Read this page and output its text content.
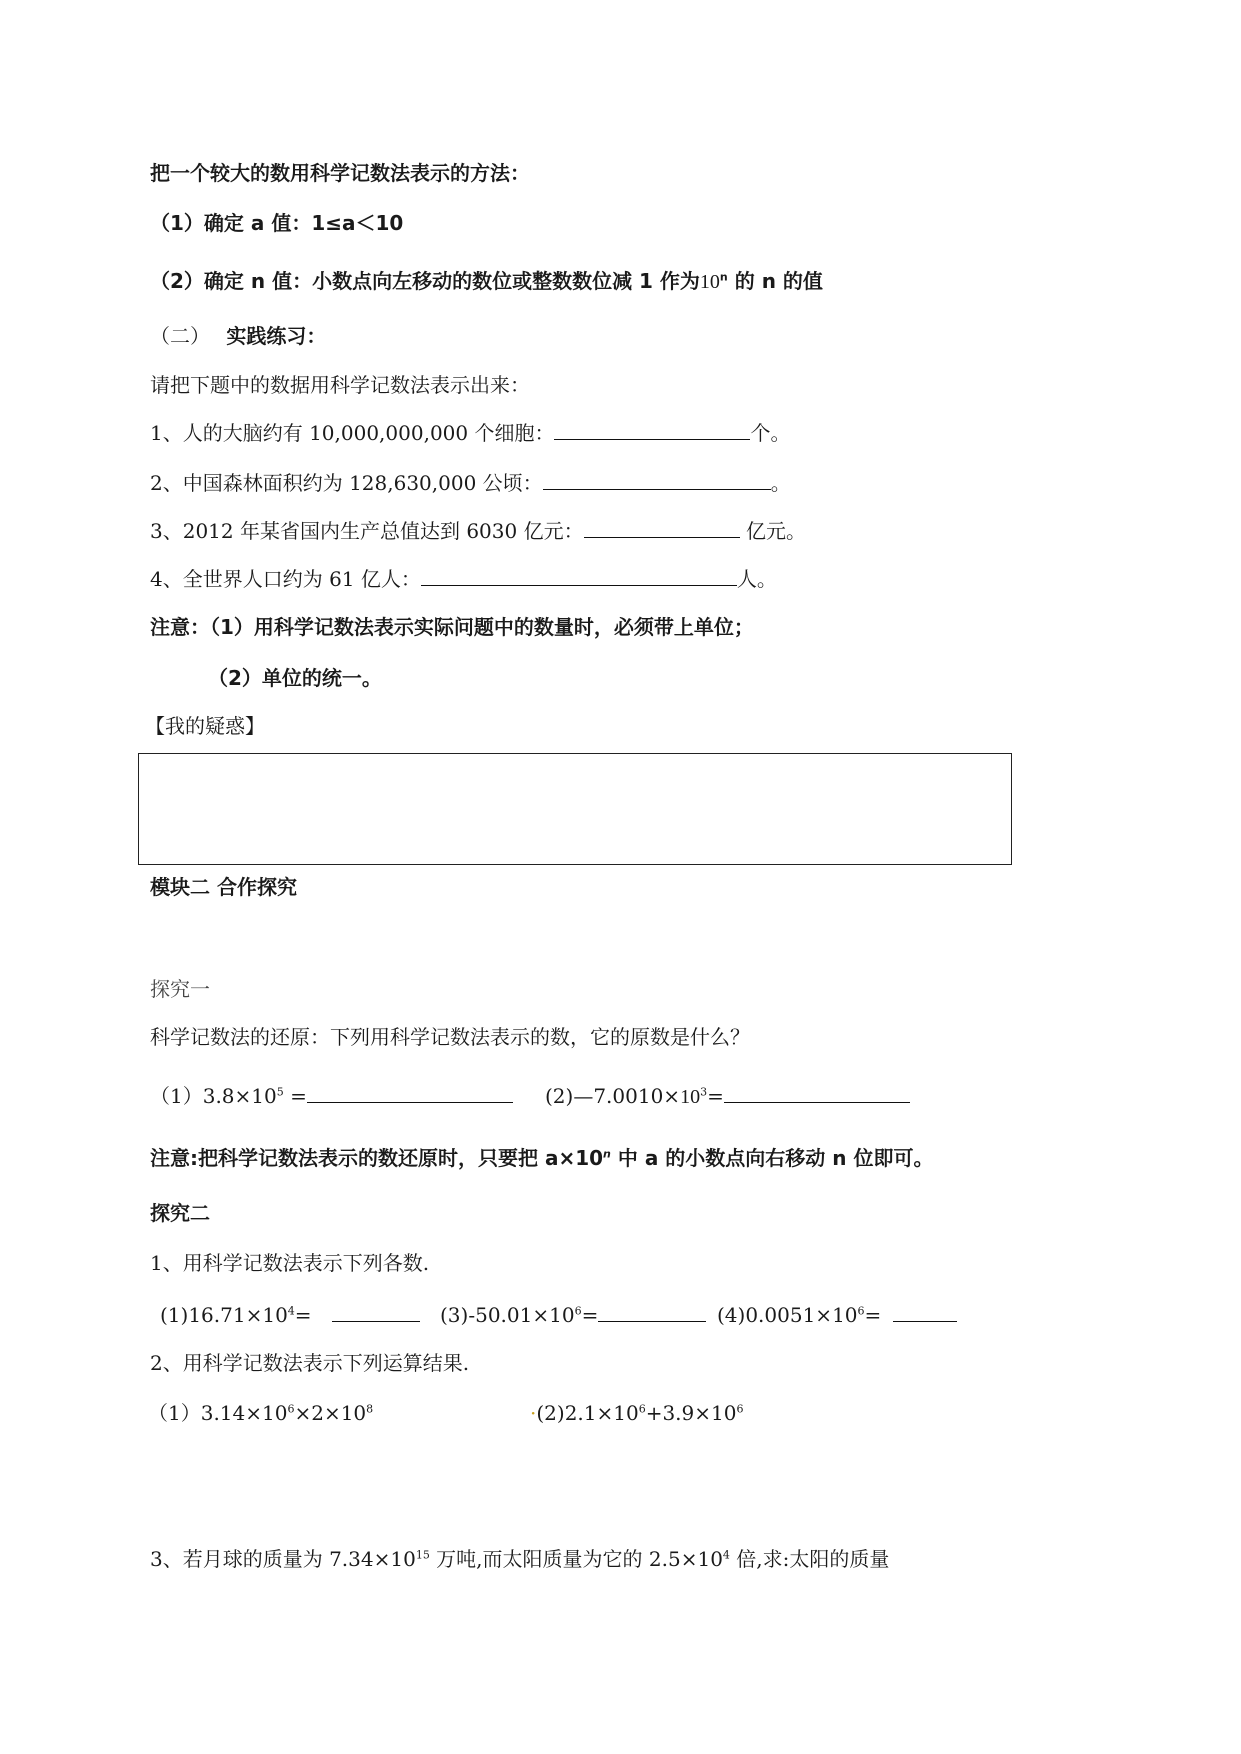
把一个较大的数用科学记数法表示的方法：
（1）确定 a 值：1≤a＜10
（2）确定 n 值：小数点向左移动的数位或整数数位减 1 作为10$^n$ 的 n 的值
（二） 实践练习：
请把下题中的数据用科学记数法表示出来：
1、人的大脑约有 10,000,000,000 个细胞：	个。
2、中国森林面积约为 128,630,000 公顷：	。
3、2012 年某省国内生产总值达到 6030 亿元：	亿元。
4、全世界人口约为 61 亿人：	人。
注意：（1）用科学记数法表示实际问题中的数量时，必须带上单位；
（2）单位的统一。
【我的疑惑】
模块二 合作探究
探究一
科学记数法的还原：下列用科学记数法表示的数，它的原数是什么？
$(1)3.8\times 10^5$ =	$(2)—7.0010\times 10^3=$
注意:把科学记数法表示的数还原时，只要把 $a\times 10^n$ 中 a 的小数点向右移动 n 位即可。
探究二
1、用科学记数法表示下列各数.
$(1)16.71\times 10^4=$	$(3)-50.01\times 10^6=$	$(4)0.0051\times 10^6=$
2、用科学记数法表示下列运算结果.
$(1)3.14\times 10^6\times 2\times 10^8$	$\cdot(2)2.1\times 10^6+3.9\times 10^6$
3、若月球的质量为 $7.34\times 10^{15}$ 万吨,而太阳质量为它的 $2.5\times 10^4$ 倍,求:太阳的质量
